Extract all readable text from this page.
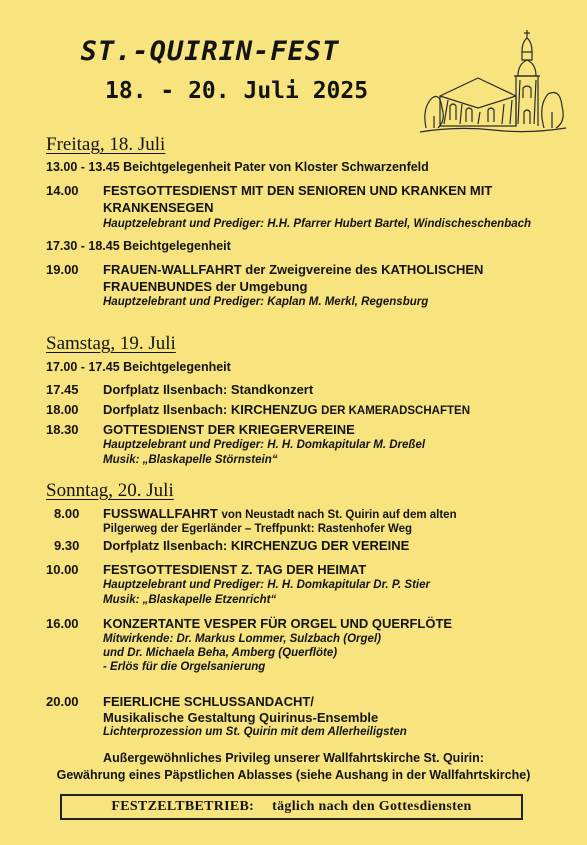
ST.-QUIRIN-FEST
18. - 20. Juli 2025
Freitag, 18. Juli
13.00 - 13.45 Beichtgelegenheit Pater von Kloster Schwarzenfeld
14.00	FESTGOTTESDIENST MIT DEN SENIOREN UND KRANKEN MIT KRANKENSEGEN
Hauptzelebrant und Prediger: H.H. Pfarrer Hubert Bartel, Windischeschenbach
17.30 - 18.45 Beichtgelegenheit
19.00	FRAUEN-WALLFAHRT der Zweigvereine des KATHOLISCHEN FRAUENBUNDES der Umgebung
Hauptzelebrant und Prediger: Kaplan M. Merkl, Regensburg
Samstag, 19. Juli
17.00 - 17.45 Beichtgelegenheit
17.45	Dorfplatz Ilsenbach: Standkonzert
18.00	Dorfplatz Ilsenbach: KIRCHENZUG DER KAMERADSCHAFTEN
18.30	GOTTESDIENST DER KRIEGERVEREINE
Hauptzelebrant und Prediger: H. H. Domkapitular M. Dreßel
Musik: „Blaskapelle Störnstein“
Sonntag, 20. Juli
8.00	FUSSWALLFAHRT von Neustadt nach St. Quirin auf dem alten
Pilgerweg der Egerländer – Treffpunkt: Rastenhofer Weg
9.30	Dorfplatz Ilsenbach: KIRCHENZUG DER VEREINE
10.00	FESTGOTTESDIENST Z. TAG DER HEIMAT
Hauptzelebrant und Prediger: H. H. Domkapitular Dr. P. Stier
Musik: „Blaskapelle Etzenricht“
16.00	KONZERTANTE VESPER FÜR ORGEL UND QUERFLÖTE
Mitwirkende: Dr. Markus Lommer, Sulzbach (Orgel)
und Dr. Michaela Beha, Amberg (Querflöte)
- Erlös für die Orgelsanierung
20.00	FEIERLICHE SCHLUSSANDACHT/
Musikalische Gestaltung Quirinus-Ensemble
Lichterprozession um St. Quirin mit dem Allerheiligsten
Außergewöhnliches Privileg unserer Wallfahrtskirche St. Quirin:
Gewährung eines Päpstlichen Ablasses (siehe Aushang in der Wallfahrtskirche)
FESTZELTBETRIEB: täglich nach den Gottesdiensten
